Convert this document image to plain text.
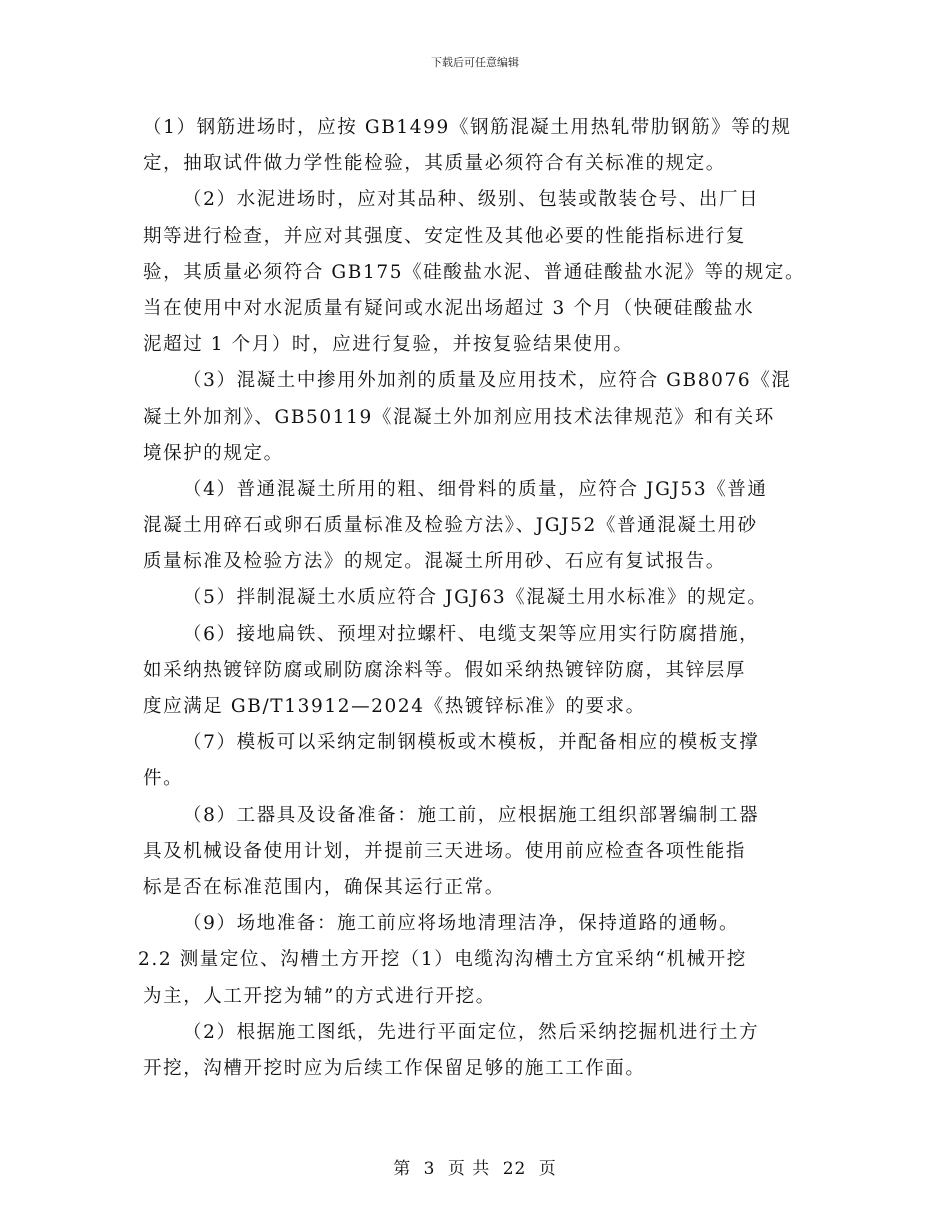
下载后可任意编辑
（1）钢筋进场时，应按 GB1499《钢筋混凝土用热轧带肋钢筋》等的规
定，抽取试件做力学性能检验，其质量必须符合有关标准的规定。
（2）水泥进场时，应对其品种、级别、包装或散装仓号、出厂日
期等进行检查，并应对其强度、安定性及其他必要的性能指标进行复
验，其质量必须符合 GB175《硅酸盐水泥、普通硅酸盐水泥》等的规定。
当在使用中对水泥质量有疑问或水泥出场超过 3 个月（快硬硅酸盐水
泥超过 1 个月）时，应进行复验，并按复验结果使用。
（3）混凝土中掺用外加剂的质量及应用技术，应符合 GB8076《混
凝土外加剂》、GB50119《混凝土外加剂应用技术法律规范》和有关环
境保护的规定。
（4）普通混凝土所用的粗、细骨料的质量，应符合 JGJ53《普通
混凝土用碎石或卵石质量标准及检验方法》、JGJ52《普通混凝土用砂
质量标准及检验方法》的规定。混凝土所用砂、石应有复试报告。
（5）拌制混凝土水质应符合 JGJ63《混凝土用水标准》的规定。
（6）接地扁铁、预埋对拉螺杆、电缆支架等应用实行防腐措施，
如采纳热镀锌防腐或刷防腐涂料等。假如采纳热镀锌防腐，其锌层厚
度应满足 GB/T13912—2024《热镀锌标准》的要求。
（7）模板可以采纳定制钢模板或木模板，并配备相应的模板支撑
件。
（8）工器具及设备准备：施工前，应根据施工组织部署编制工器
具及机械设备使用计划，并提前三天进场。使用前应检查各项性能指
标是否在标准范围内，确保其运行正常。
（9）场地准备：施工前应将场地清理洁净，保持道路的通畅。
2.2 测量定位、沟槽土方开挖（1）电缆沟沟槽土方宜采纳“机械开挖
为主，人工开挖为辅”的方式进行开挖。
（2）根据施工图纸，先进行平面定位，然后采纳挖掘机进行土方
开挖，沟槽开挖时应为后续工作保留足够的施工工作面。
第 3 页 共 22 页
